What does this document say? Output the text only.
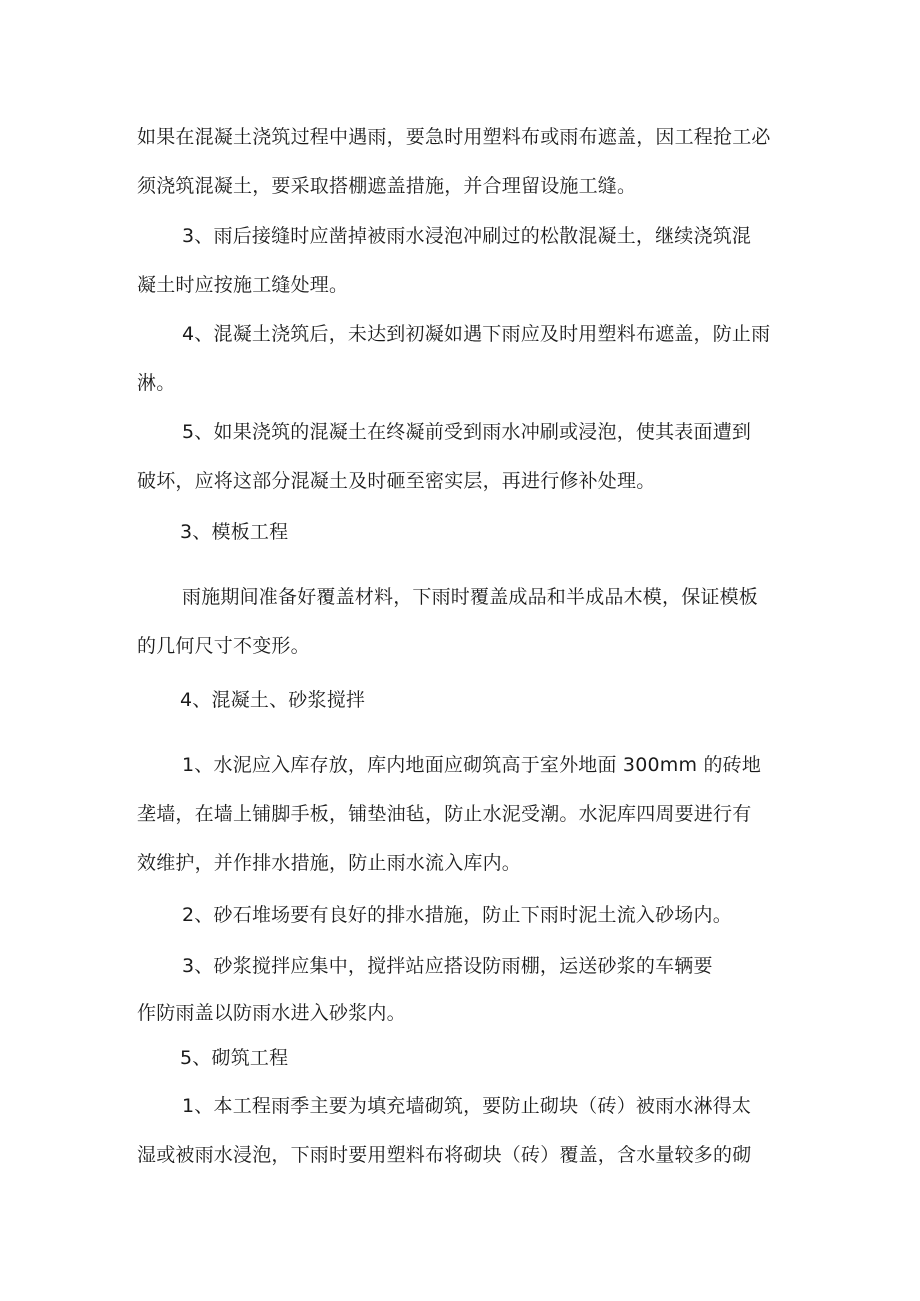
如果在混凝土浇筑过程中遇雨，要急时用塑料布或雨布遮盖，因工程抢工必
须浇筑混凝土，要采取搭棚遮盖措施，并合理留设施工缝。
3、雨后接缝时应凿掉被雨水浸泡冲刷过的松散混凝土，继续浇筑混
凝土时应按施工缝处理。
4、混凝土浇筑后，未达到初凝如遇下雨应及时用塑料布遮盖，防止雨
淋。
5、如果浇筑的混凝土在终凝前受到雨水冲刷或浸泡，使其表面遭到
破坏，应将这部分混凝土及时砸至密实层，再进行修补处理。
3、模板工程
雨施期间准备好覆盖材料，下雨时覆盖成品和半成品木模，保证模板
的几何尺寸不变形。
4、混凝土、砂浆搅拌
1、水泥应入库存放，库内地面应砌筑高于室外地面 300mm 的砖地
垄墙，在墙上铺脚手板，铺垫油毡，防止水泥受潮。水泥库四周要进行有
效维护，并作排水措施，防止雨水流入库内。
2、砂石堆场要有良好的排水措施，防止下雨时泥土流入砂场内。
3、砂浆搅拌应集中，搅拌站应搭设防雨棚，运送砂浆的车辆要
作防雨盖以防雨水进入砂浆内。
5、砌筑工程
1、本工程雨季主要为填充墙砌筑，要防止砌块（砖）被雨水淋得太
湿或被雨水浸泡，下雨时要用塑料布将砌块（砖）覆盖，含水量较多的砌
